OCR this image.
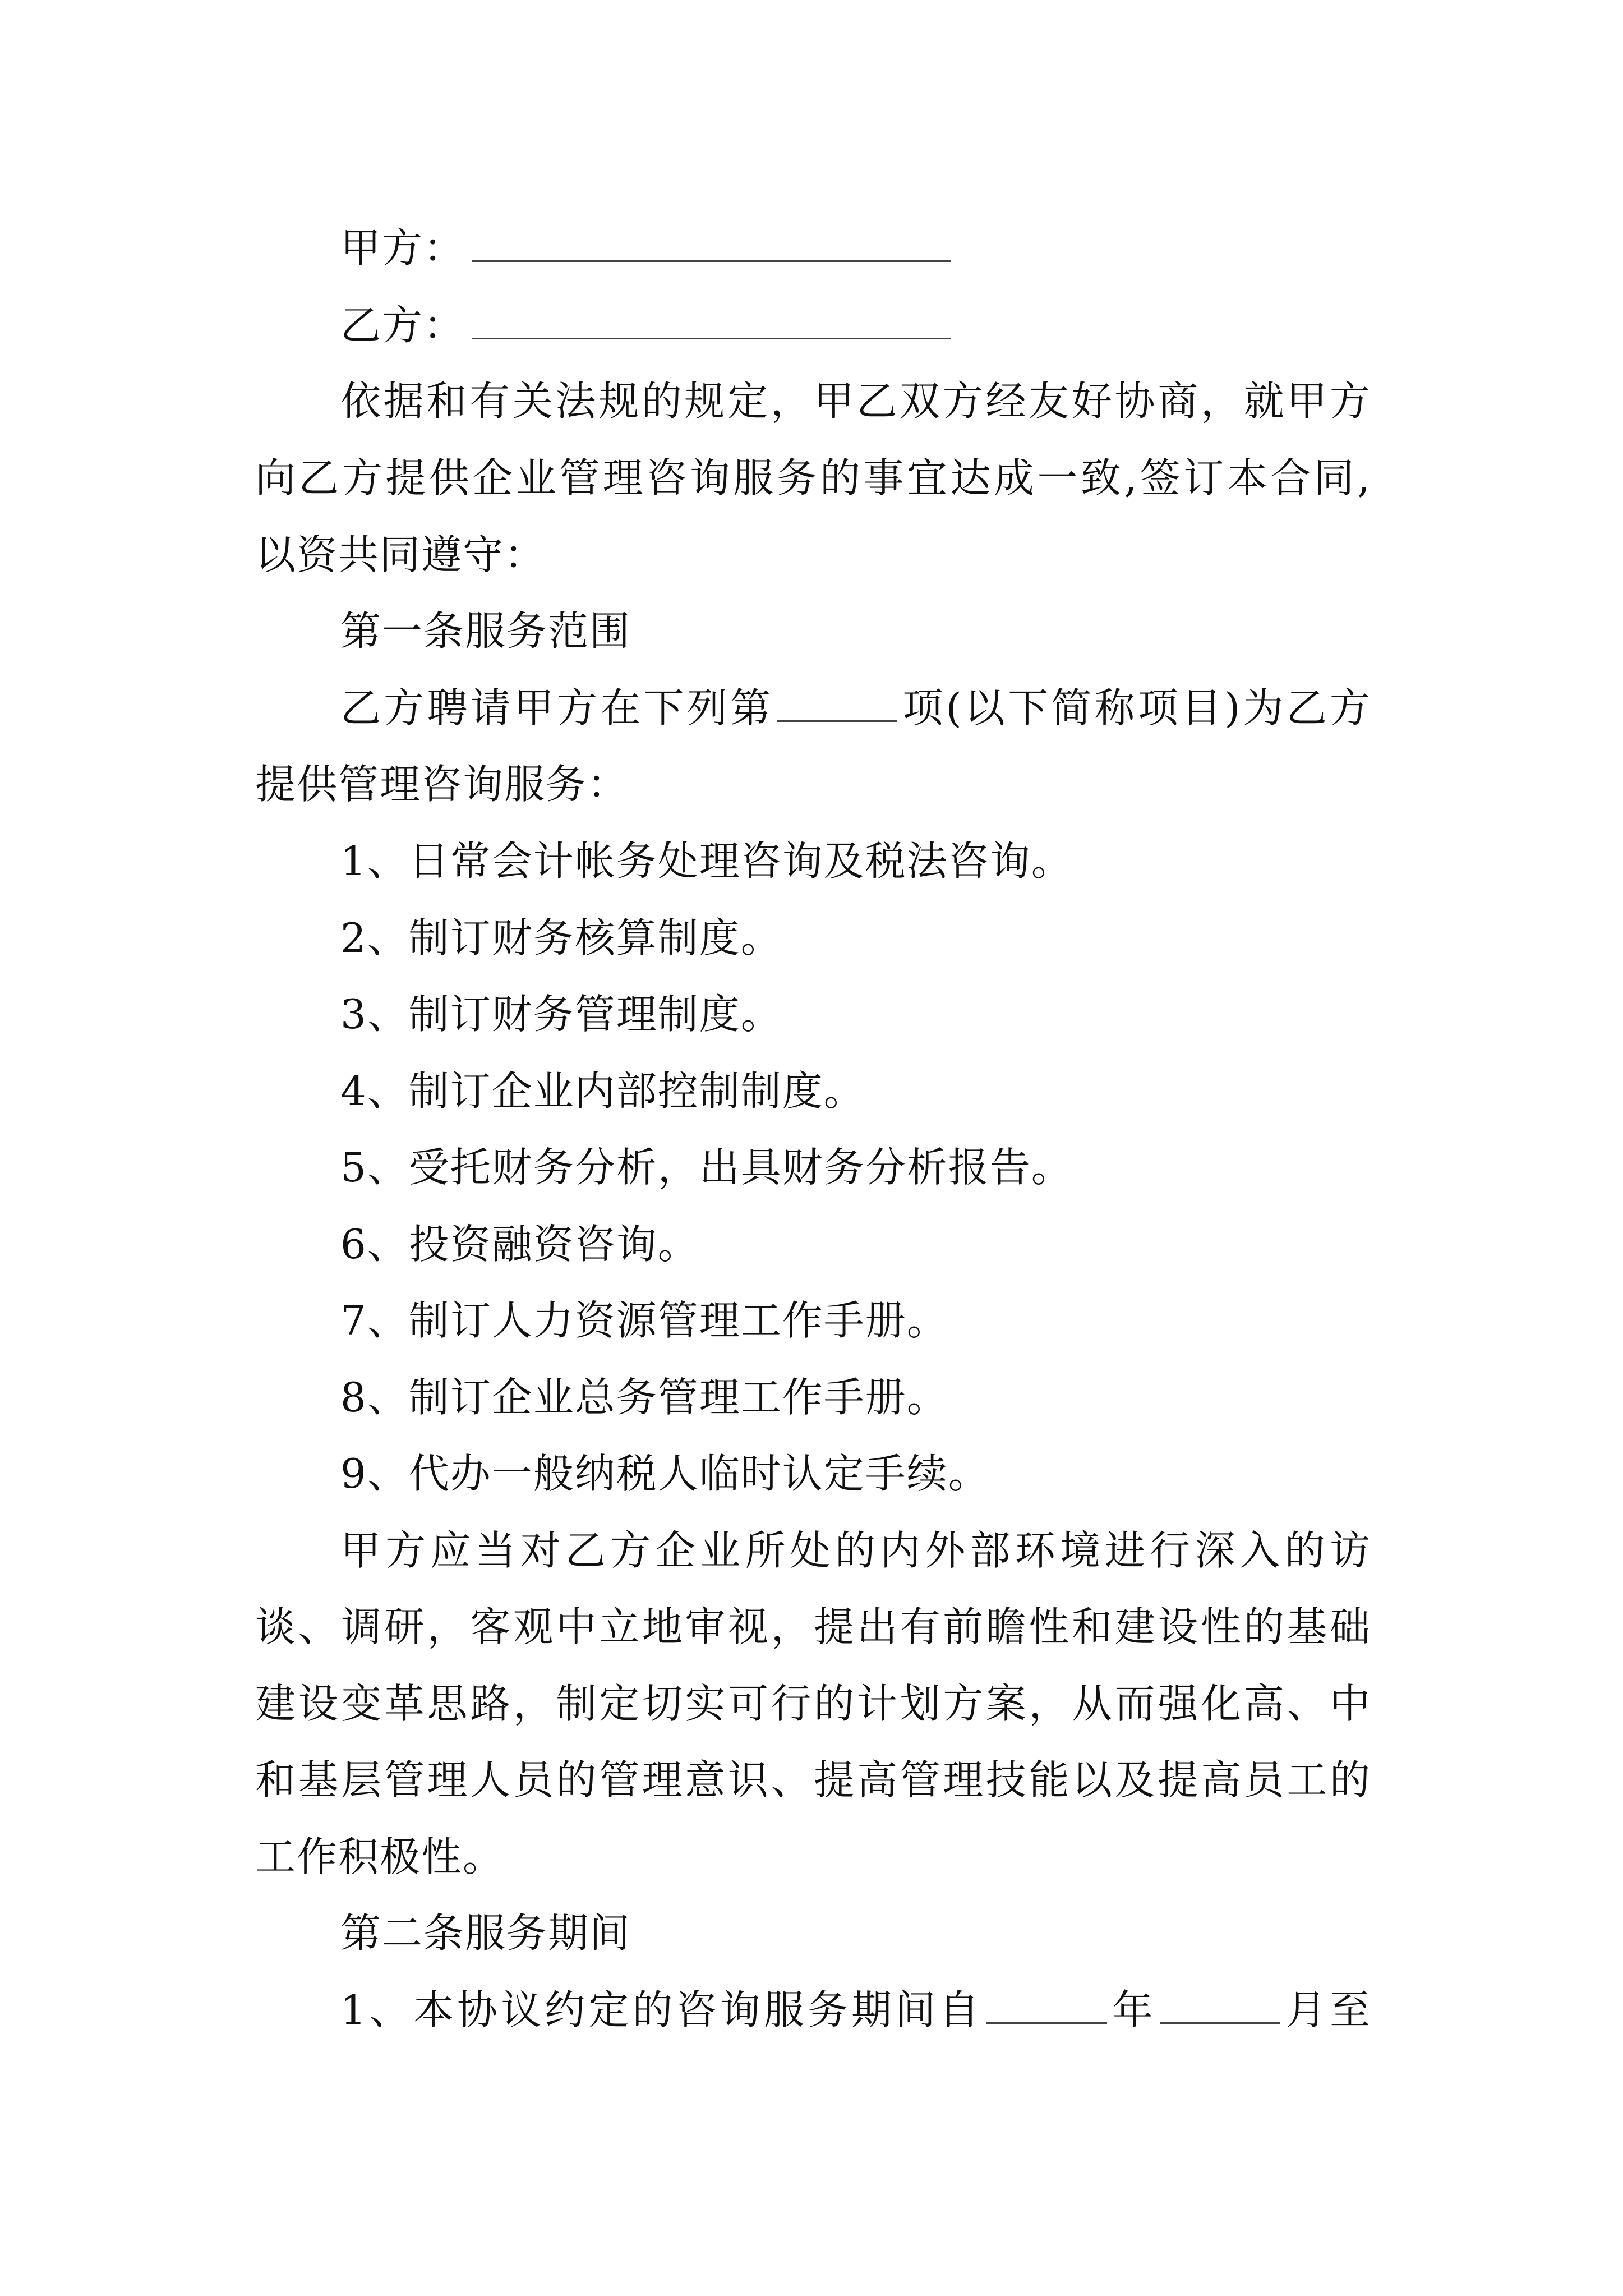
甲方：
乙方：
依据和有关法规的规定，甲乙双方经友好协商，就甲方
向乙方提供企业管理咨询服务的事宜达成一致,签订本合同,
以资共同遵守：
第一条服务范围
乙方聘请甲方在下列第	项(以下简称项目)为乙方
提供管理咨询服务：
1、日常会计帐务处理咨询及税法咨询。
2、制订财务核算制度。
3、制订财务管理制度。
4、制订企业内部控制制度。
5、受托财务分析，出具财务分析报告。
6、投资融资咨询。
7、制订人力资源管理工作手册。
8、制订企业总务管理工作手册。
9、代办一般纳税人临时认定手续。
甲方应当对乙方企业所处的内外部环境进行深入的访
谈、调研，客观中立地审视，提出有前瞻性和建设性的基础
建设变革思路，制定切实可行的计划方案，从而强化高、中
和基层管理人员的管理意识、提高管理技能以及提高员工的
工作积极性。
第二条服务期间
1、本协议约定的咨询服务期间自	年	月至
